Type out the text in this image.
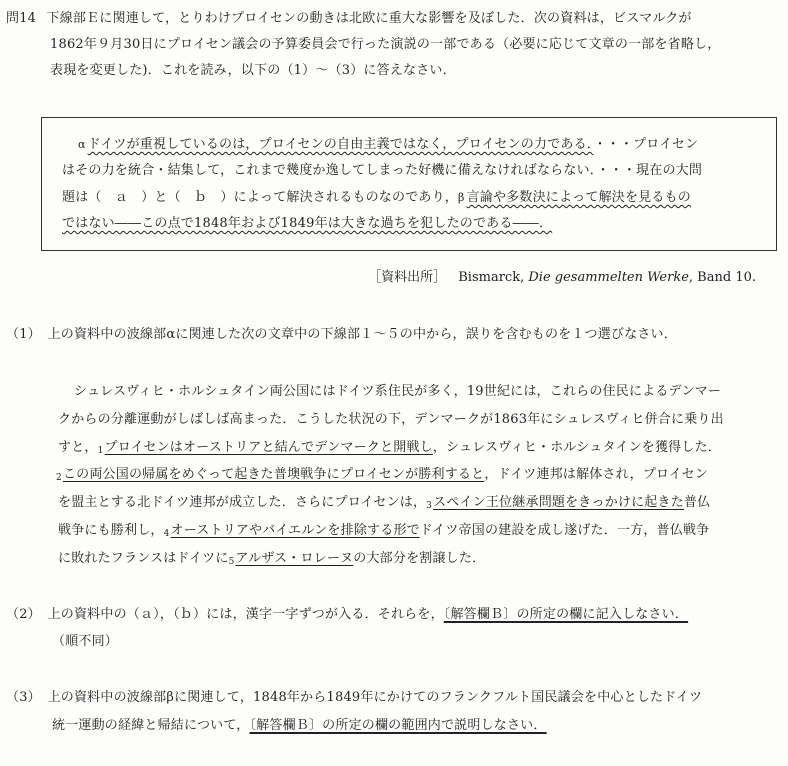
問14 下線部Ｅに関連して，とりわけプロイセンの動きは北欧に重大な影響を及ぼした．次の資料は，ビスマルクが
1862年９月30日にプロイセン議会の予算委員会で行った演説の一部である（必要に応じて文章の一部を省略し，
表現を変更した)．これを読み，以下の（1）～（3）に答えなさい．
α ドイツが重視しているのは，プロイセンの自由主義ではなく，プロイセンの力である．・・・プロイセン
はその力を統合・結集して，これまで幾度か逸してしまった好機に備えなければならない．・・・現在の大問
題は（　ａ　）と（　ｂ　）によって解決されるものなのであり，β 言論や多数決によって解決を見るもの
ではない――この点で1848年および1849年は大きな過ちを犯したのである――．
［資料出所］ Bismarck, Die gesammelten Werke, Band 10.
（1）　上の資料中の波線部αに関連した次の文章中の下線部１～５の中から，誤りを含むものを１つ選びなさい．
シュレスヴィヒ・ホルシュタイン両公国にはドイツ系住民が多く，19世紀には，これらの住民によるデンマー
クからの分離運動がしばしば高まった．こうした状況の下，デンマークが1863年にシュレスヴィヒ併合に乗り出
すと，$_1$プロイセンはオーストリアと結んでデンマークと開戦し，シュレスヴィヒ・ホルシュタインを獲得した．
$_2$この両公国の帰属をめぐって起きた普墺戦争にプロイセンが勝利すると，ドイツ連邦は解体され，プロイセン
を盟主とする北ドイツ連邦が成立した．さらにプロイセンは，$_3$スペイン王位継承問題をきっかけに起きた普仏
戦争にも勝利し，$_4$オーストリアやバイエルンを排除する形でドイツ帝国の建設を成し遂げた．一方，普仏戦争
に敗れたフランスはドイツに$_5$アルザス・ロレーヌの大部分を割譲した．
（2）　上の資料中の（ａ），（ｂ）には，漢字一字ずつが入る．それらを，〔解答欄Ｂ〕の所定の欄に記入しなさい．
（順不同）
（3）　上の資料中の波線部βに関連して，1848年から1849年にかけてのフランクフルト国民議会を中心としたドイツ
統一運動の経緯と帰結について，〔解答欄Ｂ〕の所定の欄の範囲内で説明しなさい．
